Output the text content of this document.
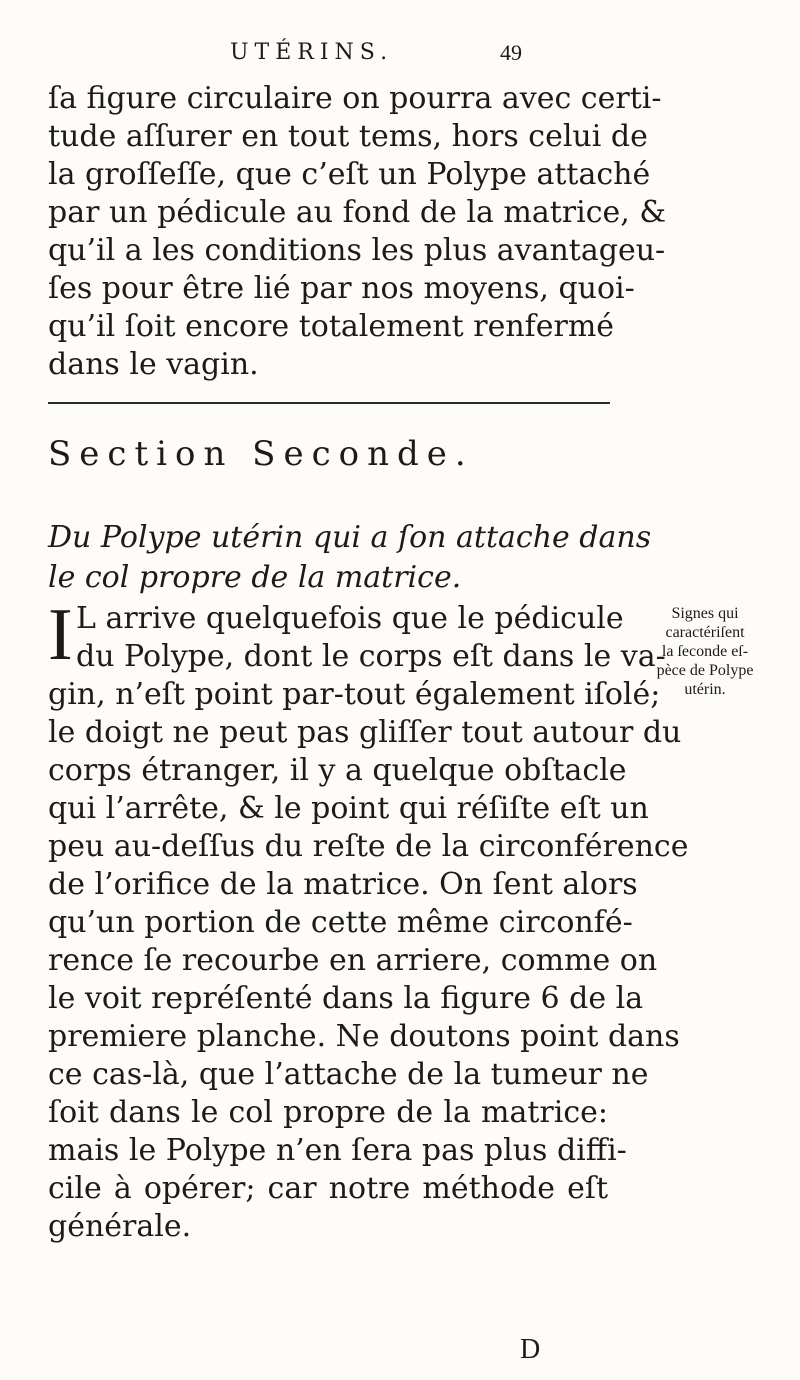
UTÉRINS.	49
ſa figure circulaire on pourra avec certi-
tude aſſurer en tout tems, hors celui de
la groſſeſſe, que c’eſt un Polype attaché
par un pédicule au fond de la matrice, &
qu’il a les conditions les plus avantageu-
ſes pour être lié par nos moyens, quoi-
qu’il ſoit encore totalement renfermé
dans le vagin.
Section Seconde.
Du Polype utérin qui a ſon attache dans
le col propre de la matrice.
I L arrive quelquefois que le pédicule
du Polype, dont le corps eſt dans le va-
gin, n’eſt point par-tout également iſolé;
le doigt ne peut pas gliſſer tout autour du
corps étranger, il y a quelque obſtacle
qui l’arrête, & le point qui réſiſte eſt un
peu au-deſſus du reſte de la circonférence
de l’orifice de la matrice. On ſent alors
qu’un portion de cette même circonfé-
rence ſe recourbe en arriere, comme on
le voit repréſenté dans la figure 6 de la
premiere planche. Ne doutons point dans
ce cas-là, que l’attache de la tumeur ne
ſoit dans le col propre de la matrice:
mais le Polype n’en ſera pas plus diffi-
cile à opérer; car notre méthode eſt
générale.
Signes qui
caractériſent
la ſeconde eſ-
pèce de Polype
utérin.
D
